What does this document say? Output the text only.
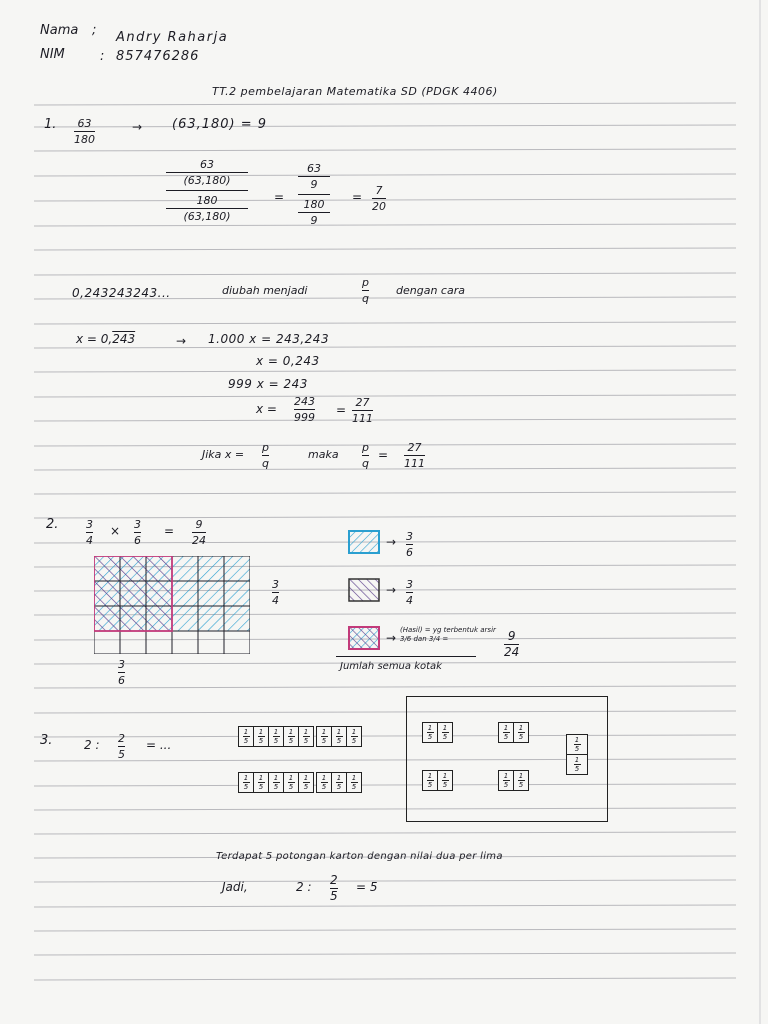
Nama ; Andry Raharja
NIM	: 857476286
TT.2 pembelajaran Matematika SD (PDGK 4406)
1. 63
180
→ (63,180) = 9
63
(63,180)
180
(63,180)
=
63
9
180
9
= 7
20
0,243243243...	diubah menjadi
p
q
dengan cara
x = 0,243	→ 1.000 x = 243,243
x = 0,243
999 x = 243
x =
243
999
=
27
111
Jika x =
p
q
maka
p
q
=
27
111
2.	3
4
× 3
6
= 9
24
3
4
3
6
→ 3
6
→ 3
4
→
(Hasil) = yg terbentuk arsir 3/6 dan 3/4 =	9
24
Jumlah semua kotak
3.	2 : 2
5
= ...
1
5
1
5
1
5
1
5
1
5
1
5
1
5
1
5
1
5
1
5
1
5
1
5
1
5
1
5
1
5
1
5
1
5
1
5
1
5
1
5
1
5
1
5
1
5
1
5
1
5
1
5
Terdapat 5 potongan karton dengan nilai dua per lima
Jadi,	2 : 2
5
= 5
